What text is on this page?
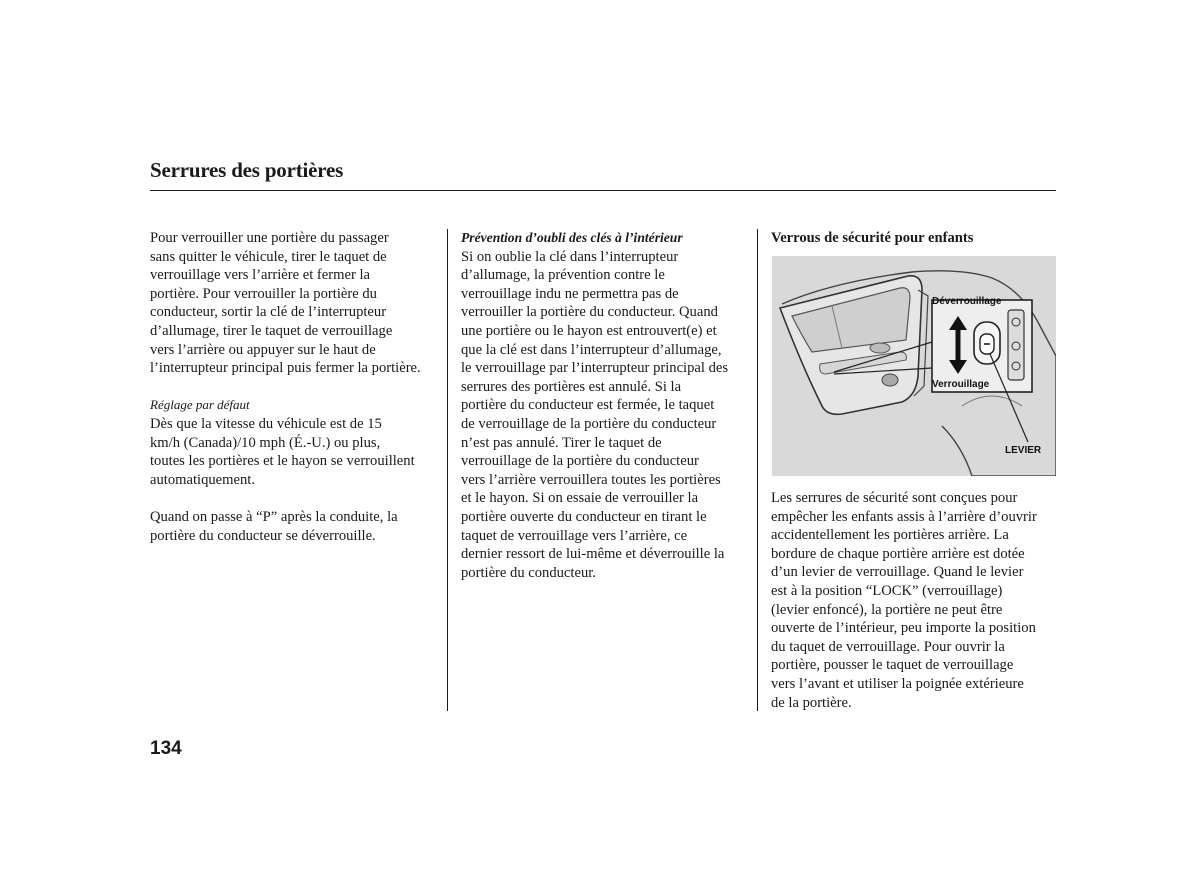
Serrures des portières

Pour verrouiller une portière du passager
sans quitter le véhicule, tirer le taquet de
verrouillage vers l’arrière et fermer la
portière. Pour verrouiller la portière du
conducteur, sortir la clé de l’interrupteur
d’allumage, tirer le taquet de verrouillage
vers l’arrière ou appuyer sur le haut de
l’interrupteur principal puis fermer la portière.

Réglage par défaut

Dès que la vitesse du véhicule est de 15
km/h (Canada)/10 mph (É.-U.) ou plus,
toutes les portières et le hayon se verrouillent
automatiquement.

Quand on passe à “P” après la conduite, la
portière du conducteur se déverrouille.

Prévention d’oubli des clés à l’intérieur

Si on oublie la clé dans l’interrupteur
d’allumage, la prévention contre le
verrouillage indu ne permettra pas de
verrouiller la portière du conducteur. Quand
une portière ou le hayon est entrouvert(e) et
que la clé est dans l’interrupteur d’allumage,
le verrouillage par l’interrupteur principal des
serrures des portières est annulé. Si la
portière du conducteur est fermée, le taquet
de verrouillage de la portière du conducteur
n’est pas annulé. Tirer le taquet de
verrouillage de la portière du conducteur
vers l’arrière verrouillera toutes les portières
et le hayon. Si on essaie de verrouiller la
portière ouverte du conducteur en tirant le
taquet de verrouillage vers l’arrière, ce
dernier ressort de lui-même et déverrouille la
portière du conducteur.

Verrous de sécurité pour enfants

Déverrouillage
Verrouillage
LEVIER

Les serrures de sécurité sont conçues pour
empêcher les enfants assis à l’arrière d’ouvrir
accidentellement les portières arrière. La
bordure de chaque portière arrière est dotée
d’un levier de verrouillage. Quand le levier
est à la position “LOCK” (verrouillage)
(levier enfoncé), la portière ne peut être
ouverte de l’intérieur, peu importe la position
du taquet de verrouillage. Pour ouvrir la
portière, pousser le taquet de verrouillage
vers l’avant et utiliser la poignée extérieure
de la portière.

134
